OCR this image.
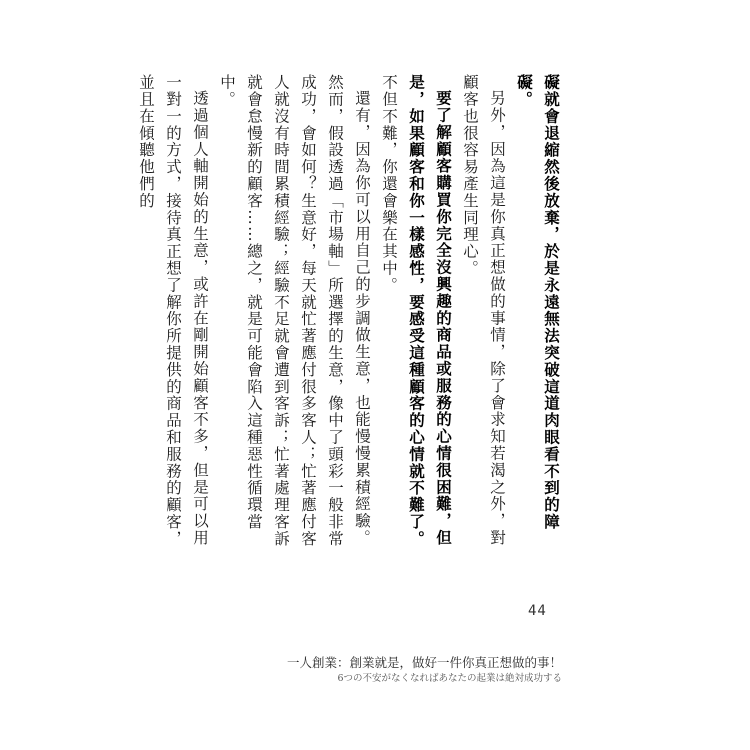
礙就會退縮然後放棄，於是永遠無法突破這道肉眼看不到的障礙。

另外，因為這是你真正想做的事情，除了會求知若渴之外，對顧客也很容易產生同理心。

要了解顧客購買你完全沒興趣的商品或服務的心情很困難，但是，如果顧客和你一樣感性，要感受這種顧客的心情就不難了。不但不難，你還會樂在其中。

還有，因為你可以用自己的步調做生意，也能慢慢累積經驗。

然而，假設透過「市場軸」所選擇的生意，像中了頭彩一般非常成功，會如何？生意好，每天就忙著應付很多客人；忙著應付客人就沒有時間累積經驗；經驗不足就會遭到客訴；忙著處理客訴就會怠慢新的顧客……總之，就是可能會陷入這種惡性循環當中。

透過個人軸開始的生意，或許在剛開始顧客不多，但是可以用一對一的方式，接待真正想了解你所提供的商品和服務的顧客，並且在傾聽他們的

44
一人創業：創業就是，做好一件你真正想做的事！
6つの不安がなくなればあなたの起業は絶対成功する
